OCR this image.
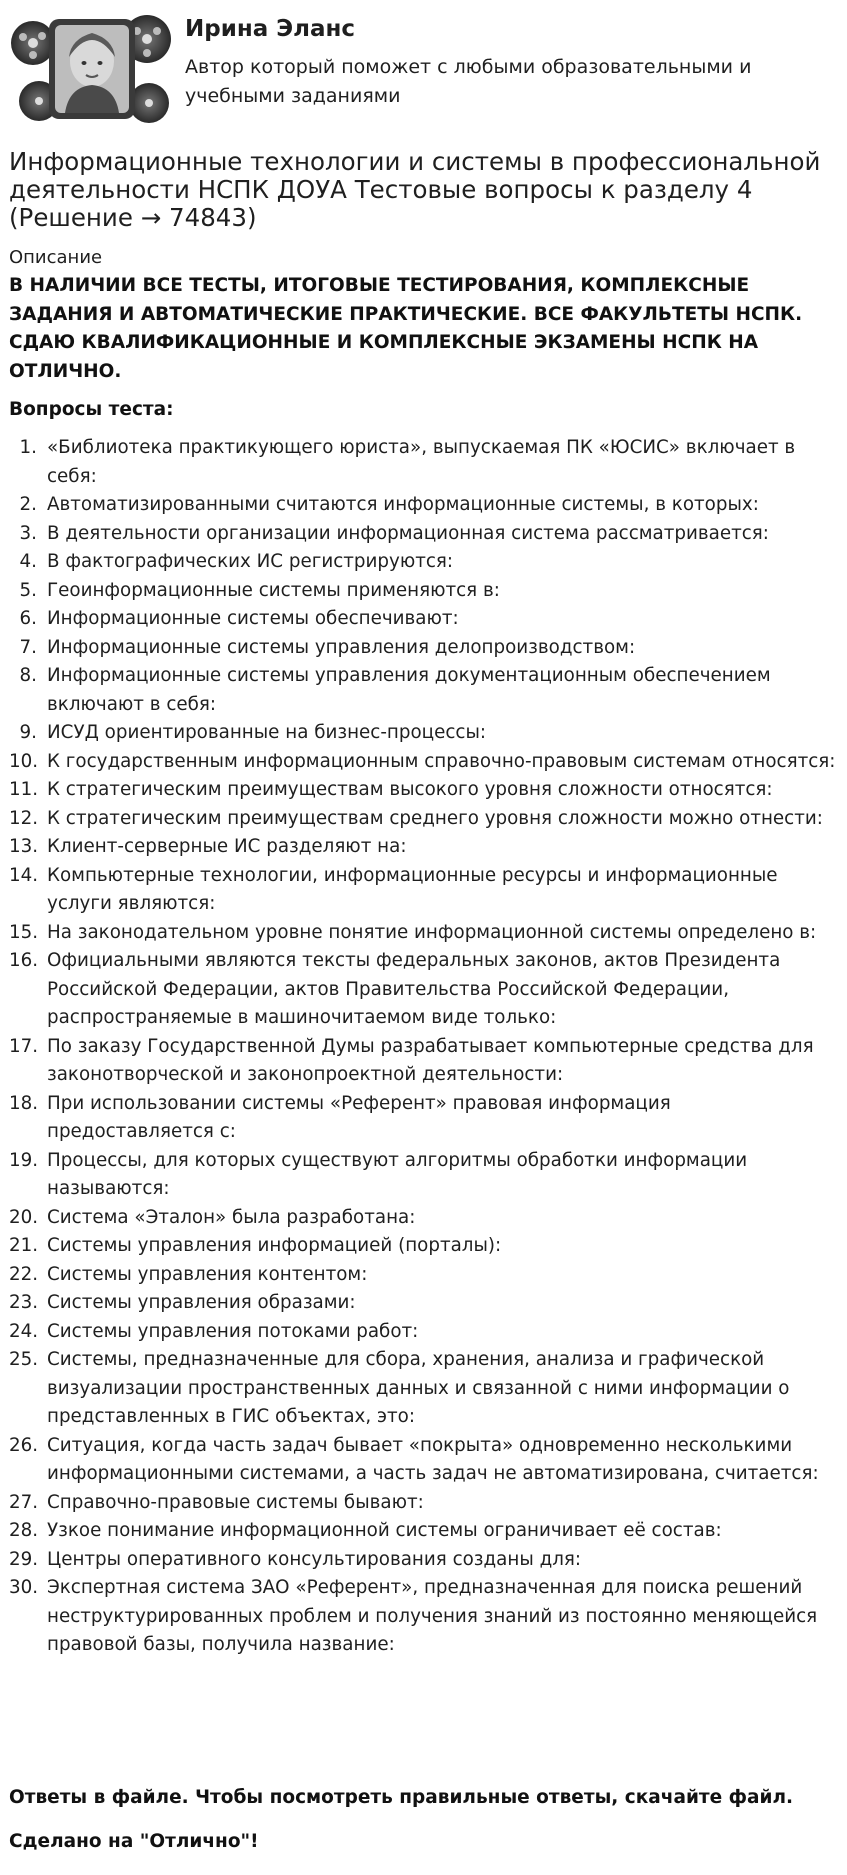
Ирина Эланс
Автор который поможет с любыми образовательными и учебными заданиями
Информационные технологии и системы в профессиональной деятельности НСПК ДОУА Тестовые вопросы к разделу 4 (Решение → 74843)
Описание
В НАЛИЧИИ ВСЕ ТЕСТЫ, ИТОГОВЫЕ ТЕСТИРОВАНИЯ, КОМПЛЕКСНЫЕ ЗАДАНИЯ И АВТОМАТИЧЕСКИЕ ПРАКТИЧЕСКИЕ. ВСЕ ФАКУЛЬТЕТЫ НСПК. СДАЮ КВАЛИФИКАЦИОННЫЕ И КОМПЛЕКСНЫЕ ЭКЗАМЕНЫ НСПК НА ОТЛИЧНО.
Вопросы теста:
1. «Библиотека практикующего юриста», выпускаемая ПК «ЮСИС» включает в себя:
2. Автоматизированными считаются информационные системы, в которых:
3. В деятельности организации информационная система рассматривается:
4. В фактографических ИС регистрируются:
5. Геоинформационные системы применяются в:
6. Информационные системы обеспечивают:
7. Информационные системы управления делопроизводством:
8. Информационные системы управления документационным обеспечением включают в себя:
9. ИСУД ориентированные на бизнес-процессы:
10. К государственным информационным справочно-правовым системам относятся:
11. К стратегическим преимуществам высокого уровня сложности относятся:
12. К стратегическим преимуществам среднего уровня сложности можно отнести:
13. Клиент-серверные ИС разделяют на:
14. Компьютерные технологии, информационные ресурсы и информационные услуги являются:
15. На законодательном уровне понятие информационной системы определено в:
16. Официальными являются тексты федеральных законов, актов Президента Российской Федерации, актов Правительства Российской Федерации, распространяемые в машиночитаемом виде только:
17. По заказу Государственной Думы разрабатывает компьютерные средства для законотворческой и законопроектной деятельности:
18. При использовании системы «Референт» правовая информация предоставляется с:
19. Процессы, для которых существуют алгоритмы обработки информации называются:
20. Система «Эталон» была разработана:
21. Системы управления информацией (порталы):
22. Системы управления контентом:
23. Системы управления образами:
24. Системы управления потоками работ:
25. Системы, предназначенные для сбора, хранения, анализа и графической визуализации пространственных данных и связанной с ними информации о представленных в ГИС объектах, это:
26. Ситуация, когда часть задач бывает «покрыта» одновременно несколькими информационными системами, а часть задач не автоматизирована, считается:
27. Справочно-правовые системы бывают:
28. Узкое понимание информационной системы ограничивает её состав:
29. Центры оперативного консультирования созданы для:
30. Экспертная система ЗАО «Референт», предназначенная для поиска решений неструктурированных проблем и получения знаний из постоянно меняющейся правовой базы, получила название:
Ответы в файле. Чтобы посмотреть правильные ответы, скачайте файл.
Сделано на "Отлично"!
